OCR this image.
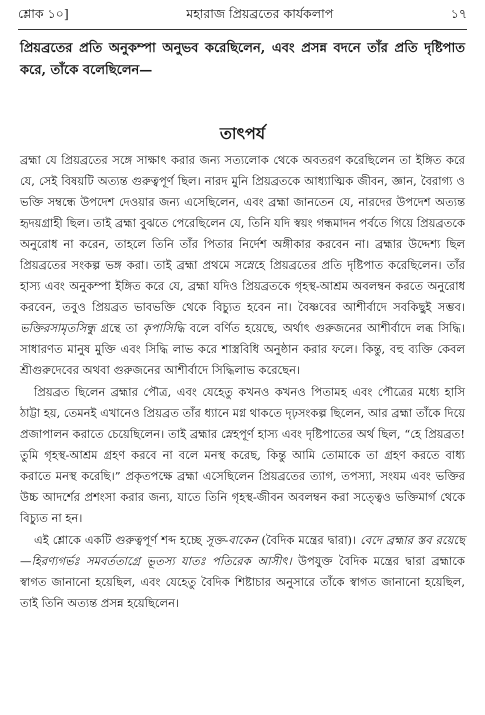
শ্লোক ১০]	মহারাজ প্রিয়ব্রতের কার্যকলাপ	১৭
প্রিয়ব্রতের প্রতি অনুকম্পা অনুভব করেছিলেন, এবং প্রসন্ন বদনে তাঁর প্রতি দৃষ্টিপাত করে, তাঁকে বলেছিলেন—
তাৎপর্য

ব্রহ্মা যে প্রিয়ব্রতের সঙ্গে সাক্ষাৎ করার জন্য সত্যলোক থেকে অবতরণ করেছিলেন তা ইঙ্গিত করে যে, সেই বিষয়টি অত্যন্ত গুরুত্বপূর্ণ ছিল। নারদ মুনি প্রিয়ব্রতকে আধ্যাত্মিক জীবন, জ্ঞান, বৈরাগ্য ও ভক্তি সম্বন্ধে উপদেশ দেওয়ার জন্য এসেছিলেন, এবং ব্রহ্মা জানতেন যে, নারদের উপদেশ অত্যন্ত হৃদয়গ্রাহী ছিল। তাই ব্রহ্মা বুঝতে পেরেছিলেন যে, তিনি যদি স্বয়ং গন্ধমাদন পর্বতে গিয়ে প্রিয়ব্রতকে অনুরোধ না করেন, তাহলে তিনি তাঁর পিতার নির্দেশ অঙ্গীকার করবেন না। ব্রহ্মার উদ্দেশ্য ছিল প্রিয়ব্রতের সংকল্প ভঙ্গ করা। তাই ব্রহ্মা প্রথমে সস্নেহে প্রিয়ব্রতের প্রতি দৃষ্টিপাত করেছিলেন। তাঁর হাস্য এবং অনুকম্পা ইঙ্গিত করে যে, ব্রহ্মা যদিও প্রিয়ব্রতকে গৃহস্থ-আশ্রম অবলম্বন করতে অনুরোধ করবেন, তবুও প্রিয়ব্রত ভাবভক্তি থেকে বিচ্যুত হবেন না। বৈষ্ণবের আশীর্বাদে সবকিছুই সম্ভব। ভক্তিরসামৃতসিন্ধু গ্রন্থে তা কৃপাসিদ্ধি বলে বর্ণিত হয়েছে, অর্থাৎ গুরুজনের আশীর্বাদে লব্ধ সিদ্ধি। সাধারণত মানুষ মুক্তি এবং সিদ্ধি লাভ করে শাস্ত্রবিধি অনুষ্ঠান করার ফলে। কিন্তু, বহু ব্যক্তি কেবল শ্রীগুরুদেবের অথবা গুরুজনের আশীর্বাদে সিদ্ধিলাভ করেছেন।

প্রিয়ব্রত ছিলেন ব্রহ্মার পৌত্র, এবং যেহেতু কখনও কখনও পিতামহ এবং পৌত্রের মধ্যে হাসি ঠাট্টা হয়, তেমনই এখানেও প্রিয়ব্রত তাঁর ধ্যানে মগ্ন থাকতে দৃঢ়সংকল্প ছিলেন, আর ব্রহ্মা তাঁকে দিয়ে প্রজাপালন করাতে চেয়েছিলেন। তাই ব্রহ্মার স্নেহপূর্ণ হাস্য এবং দৃষ্টিপাতের অর্থ ছিল, “হে প্রিয়ব্রত! তুমি গৃহস্থ-আশ্রম গ্রহণ করবে না বলে মনস্থ করেছ, কিন্তু আমি তোমাকে তা গ্রহণ করতে বাধ্য করাতে মনস্থ করেছি।” প্রকৃতপক্ষে ব্রহ্মা এসেছিলেন প্রিয়ব্রতের ত্যাগ, তপস্যা, সংযম এবং ভক্তির উচ্চ আদর্শের প্রশংসা করার জন্য, যাতে তিনি গৃহস্থ-জীবন অবলম্বন করা সত্ত্বেও ভক্তিমার্গ থেকে বিচ্যুত না হন।

এই শ্লোকে একটি গুরুত্বপূর্ণ শব্দ হচ্ছে সূক্ত-বাকেন (বৈদিক মন্ত্রের দ্বারা)। বেদে ব্রহ্মার স্তব রয়েছে—হিরণ্যগর্ভঃ সমবর্ততাগ্রে ভূতস্য যাতঃ পতিরেক আসীৎ। উপযুক্ত বৈদিক মন্ত্রের দ্বারা ব্রহ্মাকে স্বাগত জানানো হয়েছিল, এবং যেহেতু বৈদিক শিষ্টাচার অনুসারে তাঁকে স্বাগত জানানো হয়েছিল, তাই তিনি অত্যন্ত প্রসন্ন হয়েছিলেন।
